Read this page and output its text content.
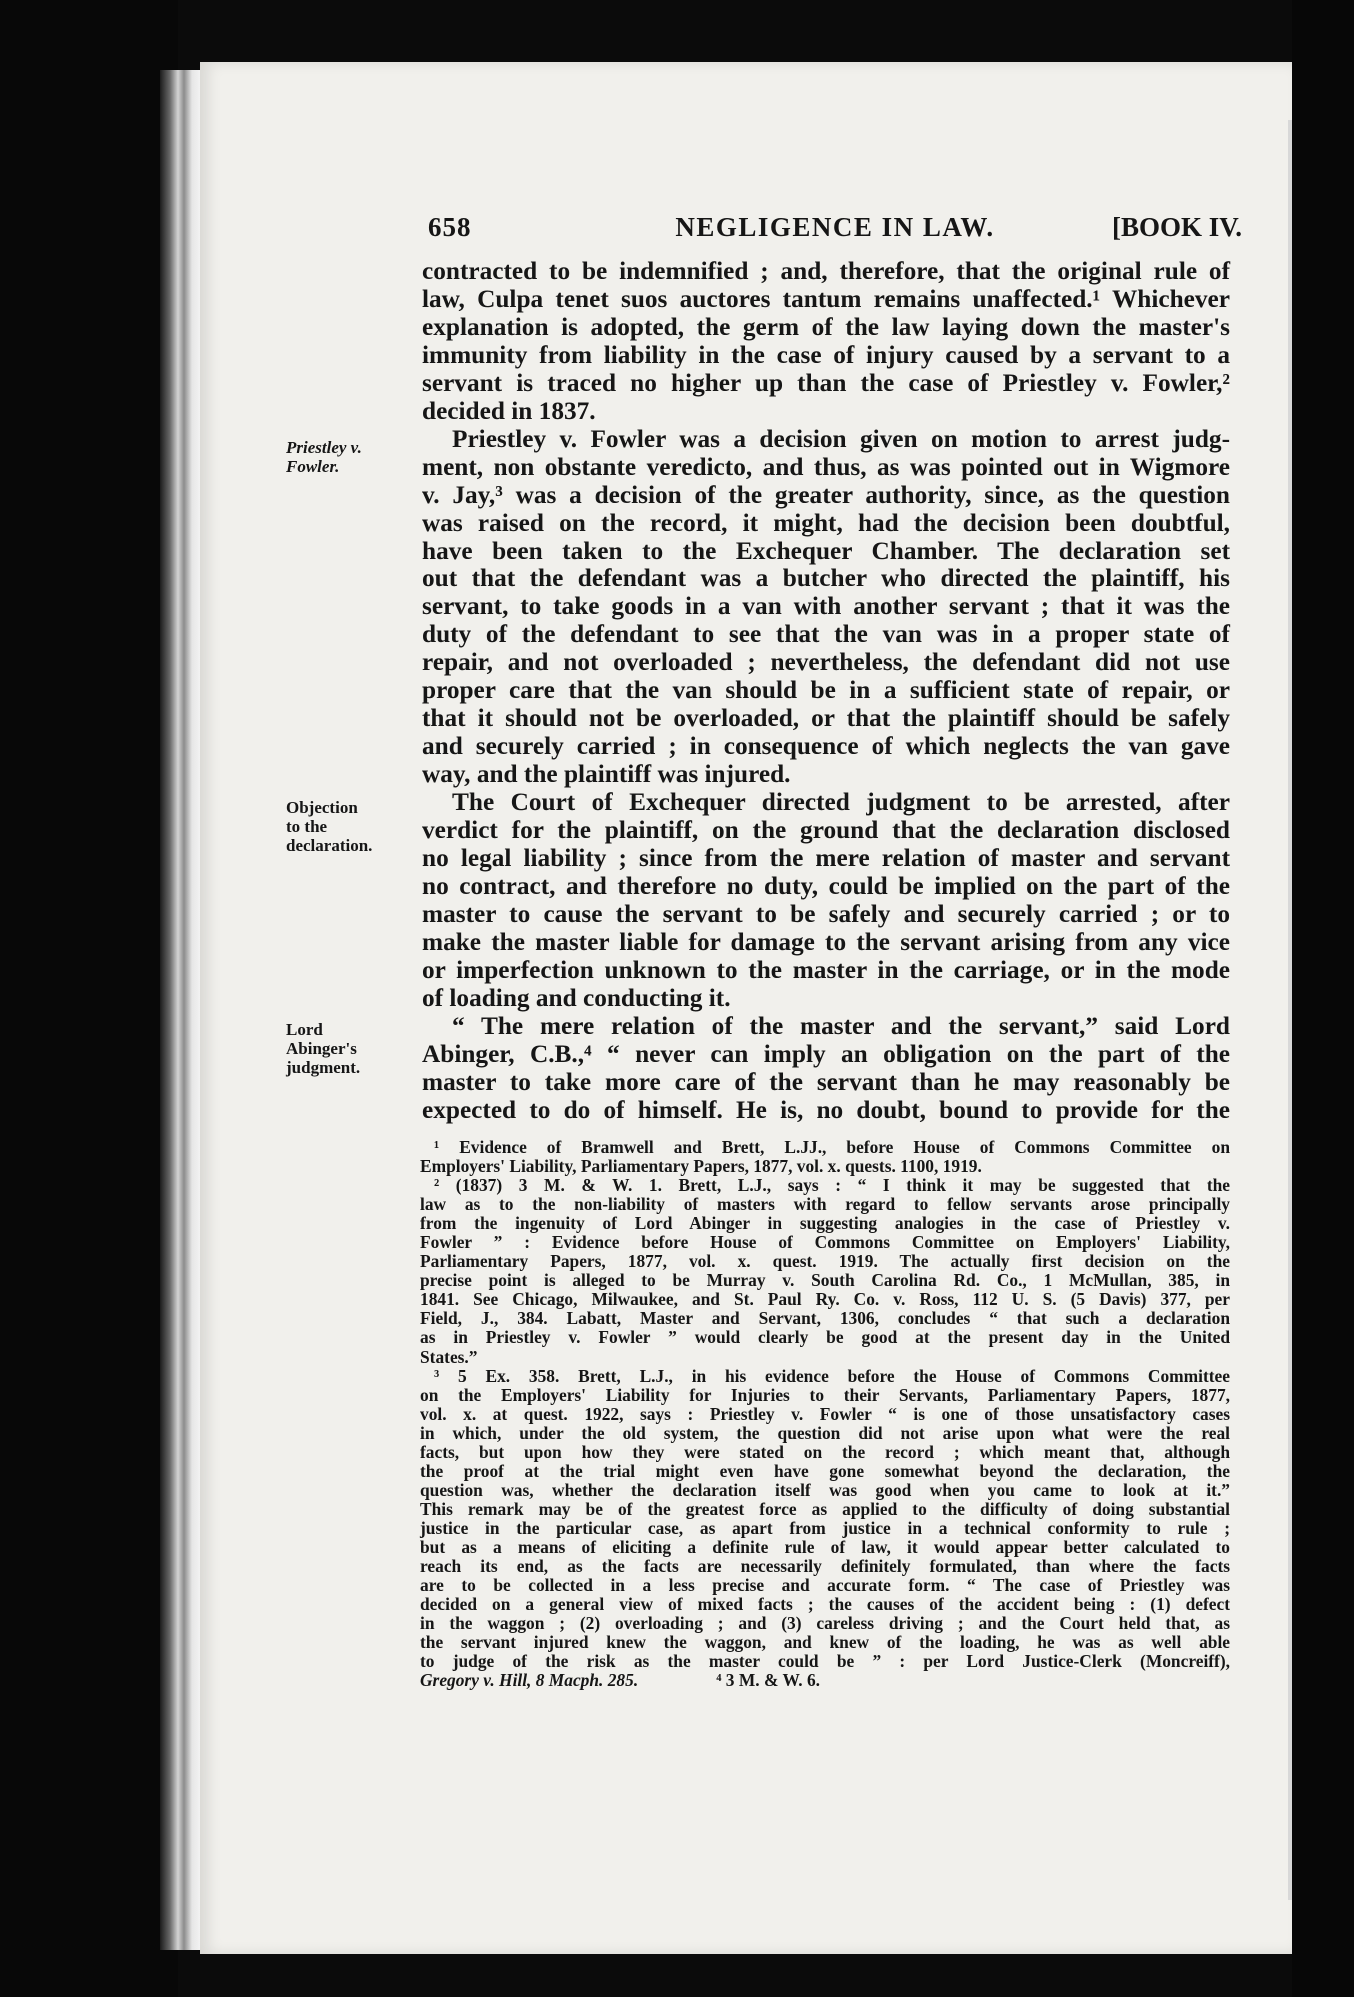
658	NEGLIGENCE IN LAW.	[BOOK IV.
Priestley v.
Fowler.
Objection
to the
declaration.
Lord
Abinger's
judgment.
contracted to be indemnified ; and, therefore, that the original rule of
law, Culpa tenet suos auctores tantum remains unaffected.¹ Whichever
explanation is adopted, the germ of the law laying down the master's
immunity from liability in the case of injury caused by a servant to a
servant is traced no higher up than the case of Priestley v. Fowler,²
decided in 1837.
Priestley v. Fowler was a decision given on motion to arrest judg-
ment, non obstante veredicto, and thus, as was pointed out in Wigmore
v. Jay,³ was a decision of the greater authority, since, as the question
was raised on the record, it might, had the decision been doubtful,
have been taken to the Exchequer Chamber. The declaration set
out that the defendant was a butcher who directed the plaintiff, his
servant, to take goods in a van with another servant ; that it was the
duty of the defendant to see that the van was in a proper state of
repair, and not overloaded ; nevertheless, the defendant did not use
proper care that the van should be in a sufficient state of repair, or
that it should not be overloaded, or that the plaintiff should be safely
and securely carried ; in consequence of which neglects the van gave
way, and the plaintiff was injured.
The Court of Exchequer directed judgment to be arrested, after
verdict for the plaintiff, on the ground that the declaration disclosed
no legal liability ; since from the mere relation of master and servant
no contract, and therefore no duty, could be implied on the part of the
master to cause the servant to be safely and securely carried ; or to
make the master liable for damage to the servant arising from any vice
or imperfection unknown to the master in the carriage, or in the mode
of loading and conducting it.
“ The mere relation of the master and the servant,” said Lord
Abinger, C.B.,⁴ “ never can imply an obligation on the part of the
master to take more care of the servant than he may reasonably be
expected to do of himself. He is, no doubt, bound to provide for the
¹ Evidence of Bramwell and Brett, L.JJ., before House of Commons Committee on
Employers' Liability, Parliamentary Papers, 1877, vol. x. quests. 1100, 1919.
² (1837) 3 M. & W. 1. Brett, L.J., says : “ I think it may be suggested that the
law as to the non-liability of masters with regard to fellow servants arose principally
from the ingenuity of Lord Abinger in suggesting analogies in the case of Priestley v.
Fowler ” : Evidence before House of Commons Committee on Employers' Liability,
Parliamentary Papers, 1877, vol. x. quest. 1919. The actually first decision on the
precise point is alleged to be Murray v. South Carolina Rd. Co., 1 McMullan, 385, in
1841. See Chicago, Milwaukee, and St. Paul Ry. Co. v. Ross, 112 U. S. (5 Davis) 377, per
Field, J., 384. Labatt, Master and Servant, 1306, concludes “ that such a declaration
as in Priestley v. Fowler ” would clearly be good at the present day in the United
States.”
³ 5 Ex. 358. Brett, L.J., in his evidence before the House of Commons Committee
on the Employers' Liability for Injuries to their Servants, Parliamentary Papers, 1877,
vol. x. at quest. 1922, says : Priestley v. Fowler “ is one of those unsatisfactory cases
in which, under the old system, the question did not arise upon what were the real
facts, but upon how they were stated on the record ; which meant that, although
the proof at the trial might even have gone somewhat beyond the declaration, the
question was, whether the declaration itself was good when you came to look at it.”
This remark may be of the greatest force as applied to the difficulty of doing substantial
justice in the particular case, as apart from justice in a technical conformity to rule ;
but as a means of eliciting a definite rule of law, it would appear better calculated to
reach its end, as the facts are necessarily definitely formulated, than where the facts
are to be collected in a less precise and accurate form. “ The case of Priestley was
decided on a general view of mixed facts ; the causes of the accident being : (1) defect
in the waggon ; (2) overloading ; and (3) careless driving ; and the Court held that, as
the servant injured knew the waggon, and knew of the loading, he was as well able
to judge of the risk as the master could be ” : per Lord Justice-Clerk (Moncreiff),
Gregory v. Hill, 8 Macph. 285.	⁴ 3 M. & W. 6.
